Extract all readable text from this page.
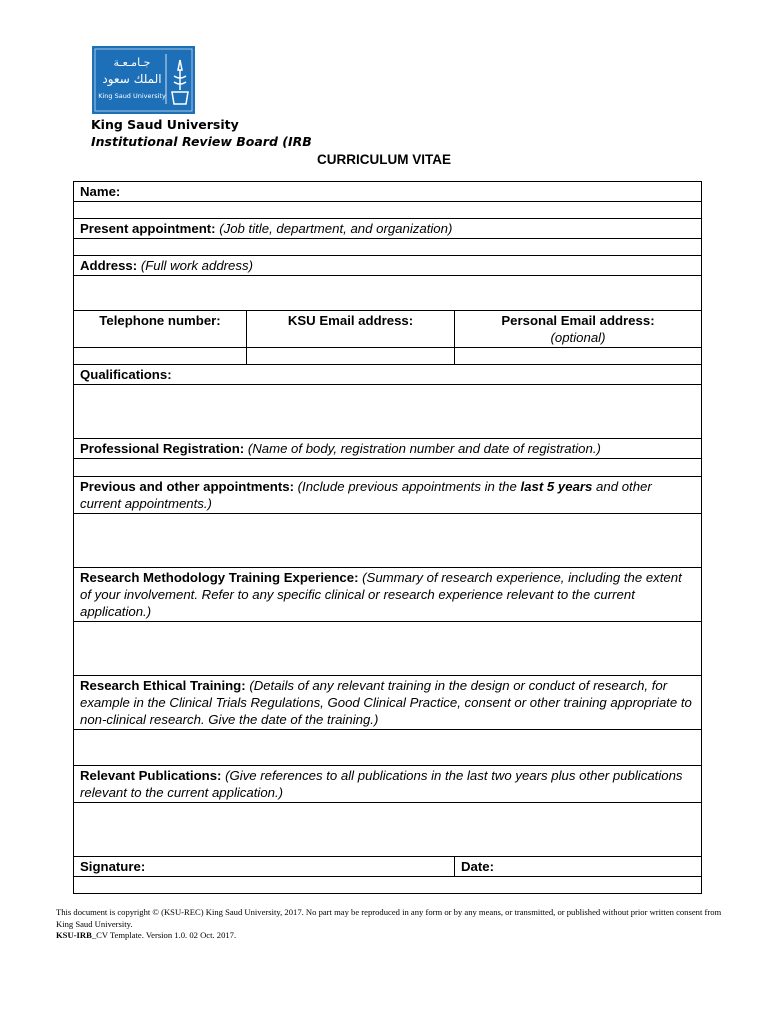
جـامـعـة
الملك سعود
King Saud University
King Saud University
Institutional Review Board (IRB
CURRICULUM VITAE
Name:		

Present appointment: (Job title, department, and organization)		

Address: (Full work address)		

Telephone number:	KSU Email address:	Personal Email address:
(optional)

Qualifications:		

Professional Registration: (Name of body, registration number and date of registration.)		

Previous and other appointments: (Include previous appointments in the last 5 years and other current appointments.)		

Research Methodology Training Experience: (Summary of research experience, including the extent of your involvement. Refer to any specific clinical or research experience relevant to the current application.)		

Research Ethical Training: (Details of any relevant training in the design or conduct of research, for example in the Clinical Trials Regulations, Good Clinical Practice, consent or other training appropriate to non-clinical research. Give the date of the training.)		

Relevant Publications: (Give references to all publications in the last two years plus other publications relevant to the current application.)		

Signature:		Date:

This document is copyright © (KSU-REC) King Saud University, 2017. No part may be reproduced in any form or by any means, or transmitted, or published without prior written consent from King Saud University.
KSU-IRB_CV Template. Version 1.0. 02 Oct. 2017.
